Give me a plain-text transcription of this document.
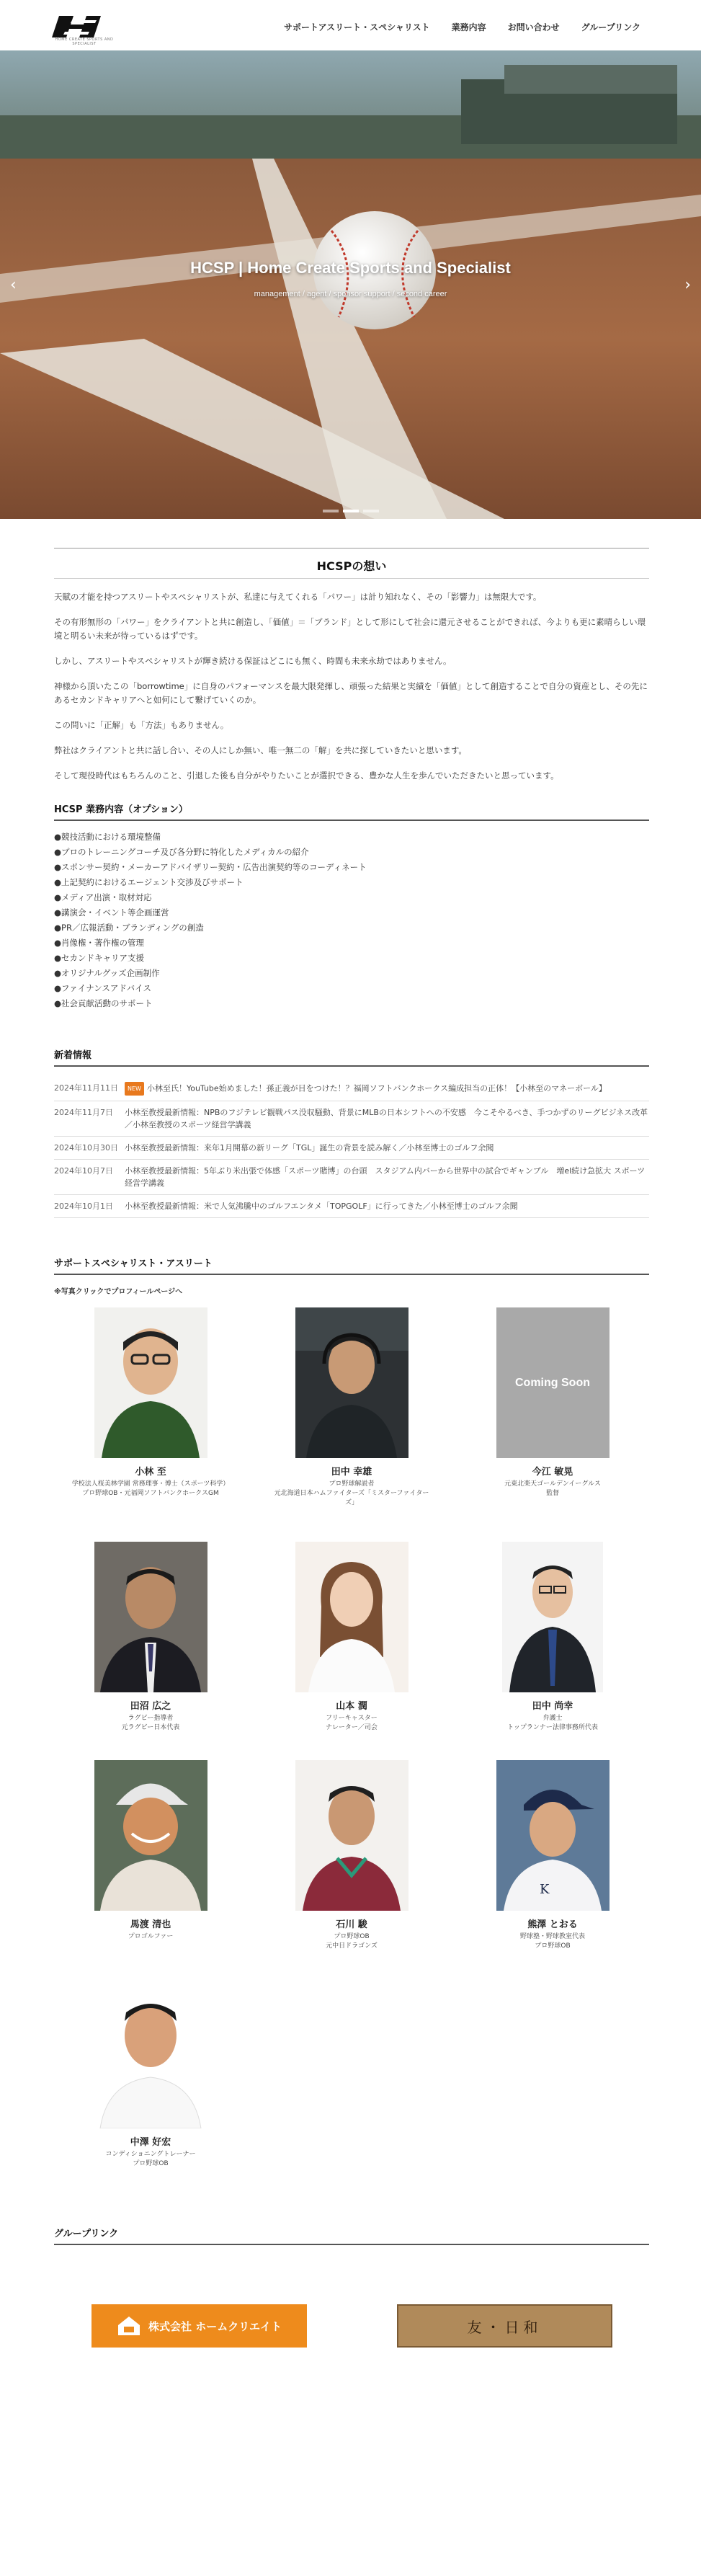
HOME CREATE SPORTS AND SPECIALIST
サポートアスリート・スペシャリスト	業務内容	お問い合わせ	グループリンク
HCSP | Home Create Sports and Specialist
management / agent / sponsor support / second career
‹	›
HCSPの想い

天賦の才能を持つアスリートやスペシャリストが、私達に与えてくれる「パワー」は計り知れなく、その「影響力」は無限大です。

その有形無形の「パワー」をクライアントと共に創造し、「価値」＝「ブランド」として形にして社会に還元させることができれば、今よりも更に素晴らしい環境と明るい未来が待っているはずです。

しかし、アスリートやスペシャリストが輝き続ける保証はどこにも無く、時間も未来永劫ではありません。

神様から頂いたこの「borrowtime」に自身のパフォーマンスを最大限発揮し、頑張った結果と実績を「価値」として創造することで自分の資産とし、その先にあるセカンドキャリアへと如何にして繋げていくのか。

この問いに「正解」も「方法」もありません。

弊社はクライアントと共に話し合い、その人にしか無い、唯一無二の「解」を共に探していきたいと思います。

そして現役時代はもちろんのこと、引退した後も自分がやりたいことが選択できる、豊かな人生を歩んでいただきたいと思っています。

HCSP 業務内容（オプション）
●競技活動における環境整備
●プロのトレーニングコーチ及び各分野に特化したメディカルの紹介
●スポンサー契約・メーカーアドバイザリー契約・広告出演契約等のコーディネート
●上記契約におけるエージェント交渉及びサポート
●メディア出演・取材対応
●講演会・イベント等企画運営
●PR／広報活動・ブランディングの創造
●肖像権・著作権の管理
●セカンドキャリア支援
●オリジナルグッズ企画制作
●ファイナンスアドバイス
●社会貢献活動のサポート
新着情報
2024年11月11日	NEW 小林至氏！YouTube始めました！孫正義が目をつけた！？福岡ソフトバンクホークス編成担当の正体！【小林至のマネーボール】
2024年11月7日	小林至教授最新情報：NPBのフジテレビ観戦パス没収騒動、背景にMLBの日本シフトへの不安感　今こそやるべき、手つかずのリーグビジネス改革／小林至教授のスポーツ経営学講義
2024年10月30日 小林至教授最新情報：来年1月開幕の新リーグ「TGL」誕生の背景を読み解く／小林至博士のゴルフ余聞
2024年10月7日	小林至教授最新情報：5年ぶり米出張で体感「スポーツ賭博」の台頭　スタジアム内バーから世界中の試合でギャンブル　増el続け急拡大 スポーツ経営学講義
2024年10月1日	小林至教授最新情報：米で人気沸騰中のゴルフエンタメ「TOPGOLF」に行ってきた／小林至博士のゴルフ余聞
サポートスペシャリスト・アスリート
※写真クリックでプロフィールページへ
小林 至
学校法人桜美林学園 常務理事・博士（スポーツ科学）
プロ野球OB・元福岡ソフトバンクホークスGM
田中 幸雄
プロ野球解説者
元北海道日本ハムファイターズ「ミスターファイターズ」
Coming Soon
今江 敏晃
元東北楽天ゴールデンイーグルス
監督
田沼 広之
ラグビー指導者
元ラグビー日本代表
山本 潤
フリーキャスター
ナレーター／司会
田中 尚幸
弁護士
トップランナー法律事務所代表
馬渡 清也
プロゴルファー
石川 駿
プロ野球OB
元中日ドラゴンズ
K
熊澤 とおる
野球塾・野球教室代表
プロ野球OB
中澤 好宏
コンディショニングトレーナー
プロ野球OB
グループリンク
株式会社 ホームクリエイト	友・日和
